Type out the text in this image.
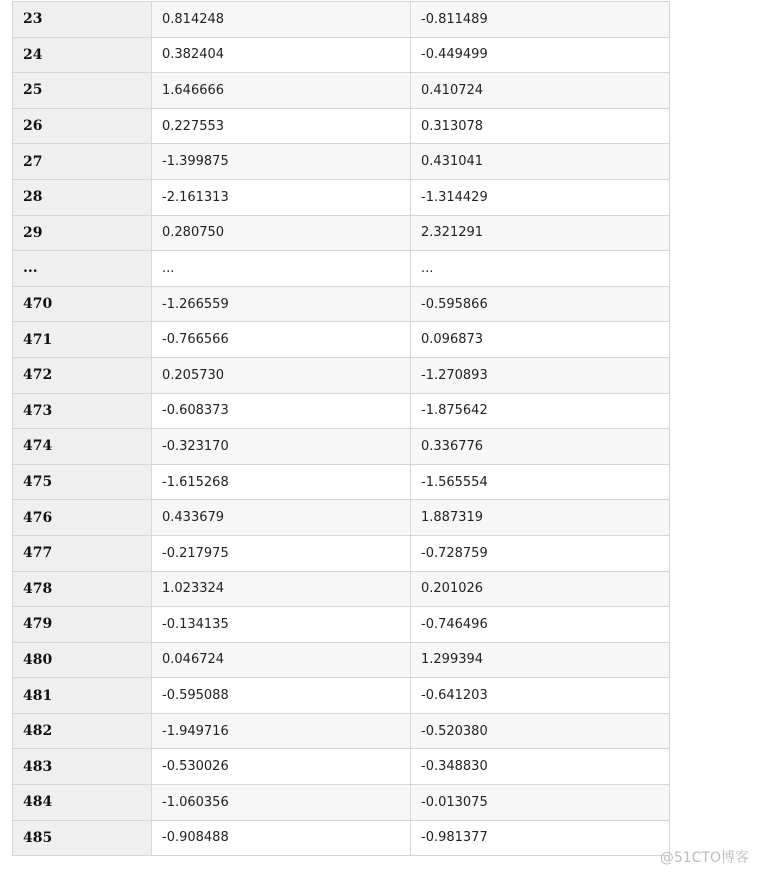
23	0.814248	-0.811489
24	0.382404	-0.449499
25	1.646666	0.410724
26	0.227553	0.313078
27	-1.399875	0.431041
28	-2.161313	-1.314429
29	0.280750	2.321291
...	...	...
470	-1.266559	-0.595866
471	-0.766566	0.096873
472	0.205730	-1.270893
473	-0.608373	-1.875642
474	-0.323170	0.336776
475	-1.615268	-1.565554
476	0.433679	1.887319
477	-0.217975	-0.728759
478	1.023324	0.201026
479	-0.134135	-0.746496
480	0.046724	1.299394
481	-0.595088	-0.641203
482	-1.949716	-0.520380
483	-0.530026	-0.348830
484	-1.060356	-0.013075
485	-0.908488	-0.981377
@51CTO博客
